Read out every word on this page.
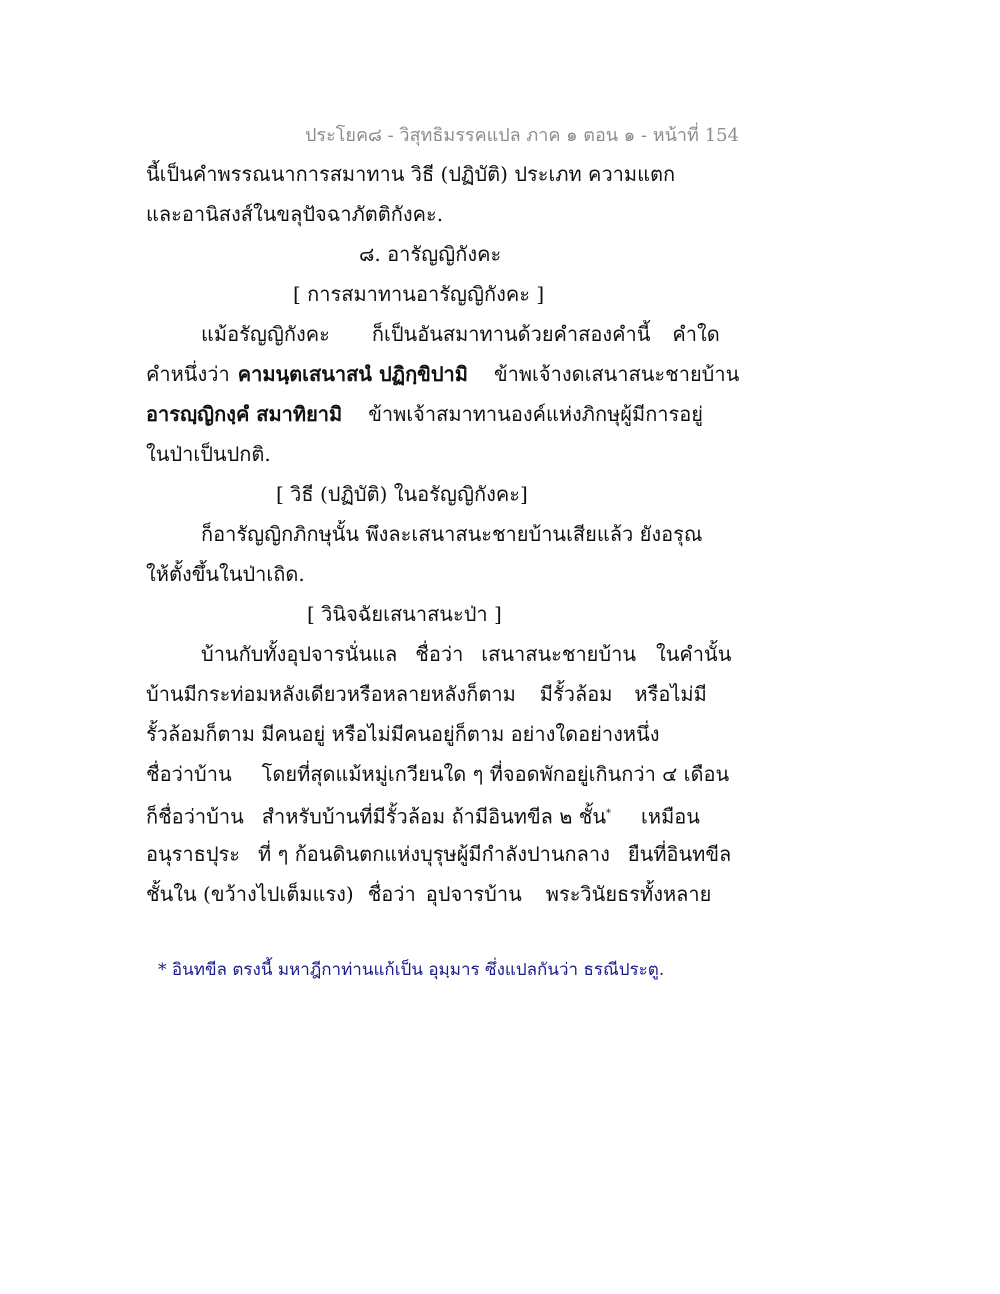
ประโยค๘ - วิสุทธิมรรคแปล ภาค ๑ ตอน ๑ - หน้าที่ 154
นี้เป็นคำพรรณนาการสมาทาน วิธี (ปฏิบัติ) ประเภท ความแตก
และอานิสงส์ในขลุปัจฉาภัตติกังคะ.
๘. อารัญญิกังคะ
[ การสมาทานอารัญญิกังคะ ]
แม้อรัญญิกังคะ ก็เป็นอันสมาทานด้วยคำสองคำนี้ คำใด
คำหนึ่งว่า คามนฺตเสนาสนํ ปฏิกฺขิปามิ ข้าพเจ้างดเสนาสนะชายบ้าน
อารญฺญิกงฺคํ สมาทิยามิ ข้าพเจ้าสมาทานองค์แห่งภิกษุผู้มีการอยู่
ในป่าเป็นปกติ.
[ วิธี (ปฏิบัติ) ในอรัญญิกังคะ]
ก็อารัญญิกภิกษุนั้น พึงละเสนาสนะชายบ้านเสียแล้ว ยังอรุณ
ให้ตั้งขึ้นในป่าเถิด.
[ วินิจฉัยเสนาสนะป่า ]
บ้านกับทั้งอุปจารนั่นแล ชื่อว่า เสนาสนะชายบ้าน ในคำนั้น
บ้านมีกระท่อมหลังเดียวหรือหลายหลังก็ตาม มีรั้วล้อม หรือไม่มี
รั้วล้อมก็ตาม มีคนอยู่ หรือไม่มีคนอยู่ก็ตาม อย่างใดอย่างหนึ่ง
ชื่อว่าบ้าน โดยที่สุดแม้หมู่เกวียนใด ๆ ที่จอดพักอยู่เกินกว่า ๔ เดือน
ก็ชื่อว่าบ้าน สำหรับบ้านที่มีรั้วล้อม ถ้ามีอินทขีล ๒ ชั้น* เหมือน
อนุราธปุระ ที่ ๆ ก้อนดินตกแห่งบุรุษผู้มีกำลังปานกลาง ยืนที่อินทขีล
ชั้นใน (ขว้างไปเต็มแรง) ชื่อว่า อุปจารบ้าน พระวินัยธรทั้งหลาย
* อินทขีล ตรงนี้ มหาฎีกาท่านแก้เป็น อุมฺมาร ซึ่งแปลกันว่า ธรณีประตู.
